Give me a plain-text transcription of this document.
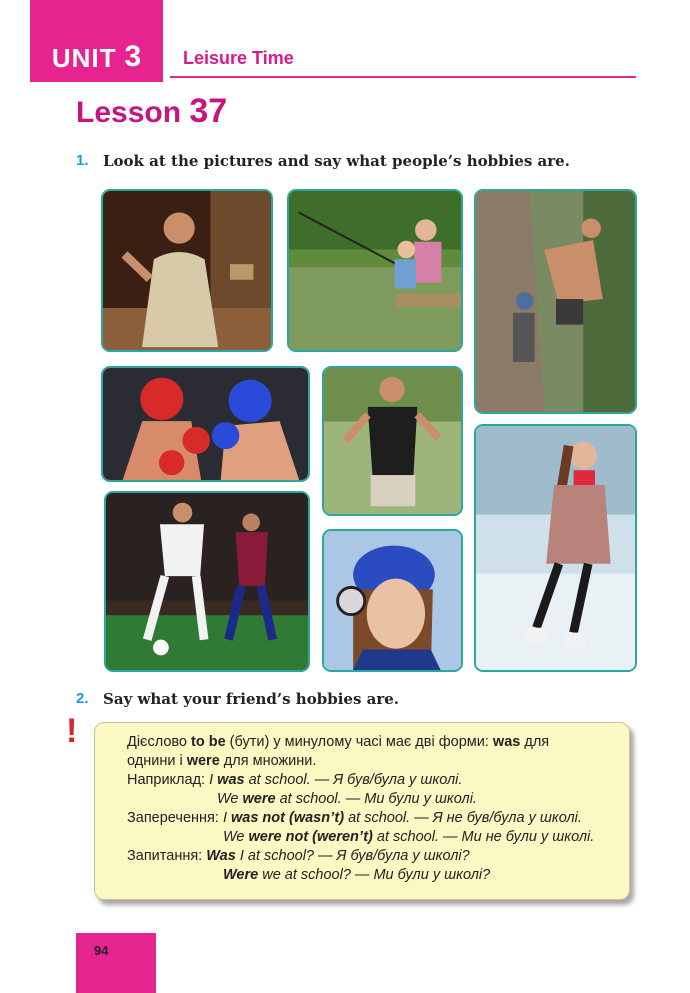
UNIT 3 Leisure Time
Lesson 37
1. Look at the pictures and say what people’s hobbies are.
2. Say what your friend’s hobbies are.
!	Дієслово to be (бути) у минулому часі має дві форми: was для
однини і were для множини.
Наприклад: I was at school. — Я був/була у школі.
We were at school. — Ми були у школі.
Заперечення: I was not (wasn’t) at school. — Я не був/була у школі.
We were not (weren’t) at school. — Ми не були у школі.
Запитання: Was I at school? — Я був/була у школі?
Were we at school? — Ми були у школі?
94
